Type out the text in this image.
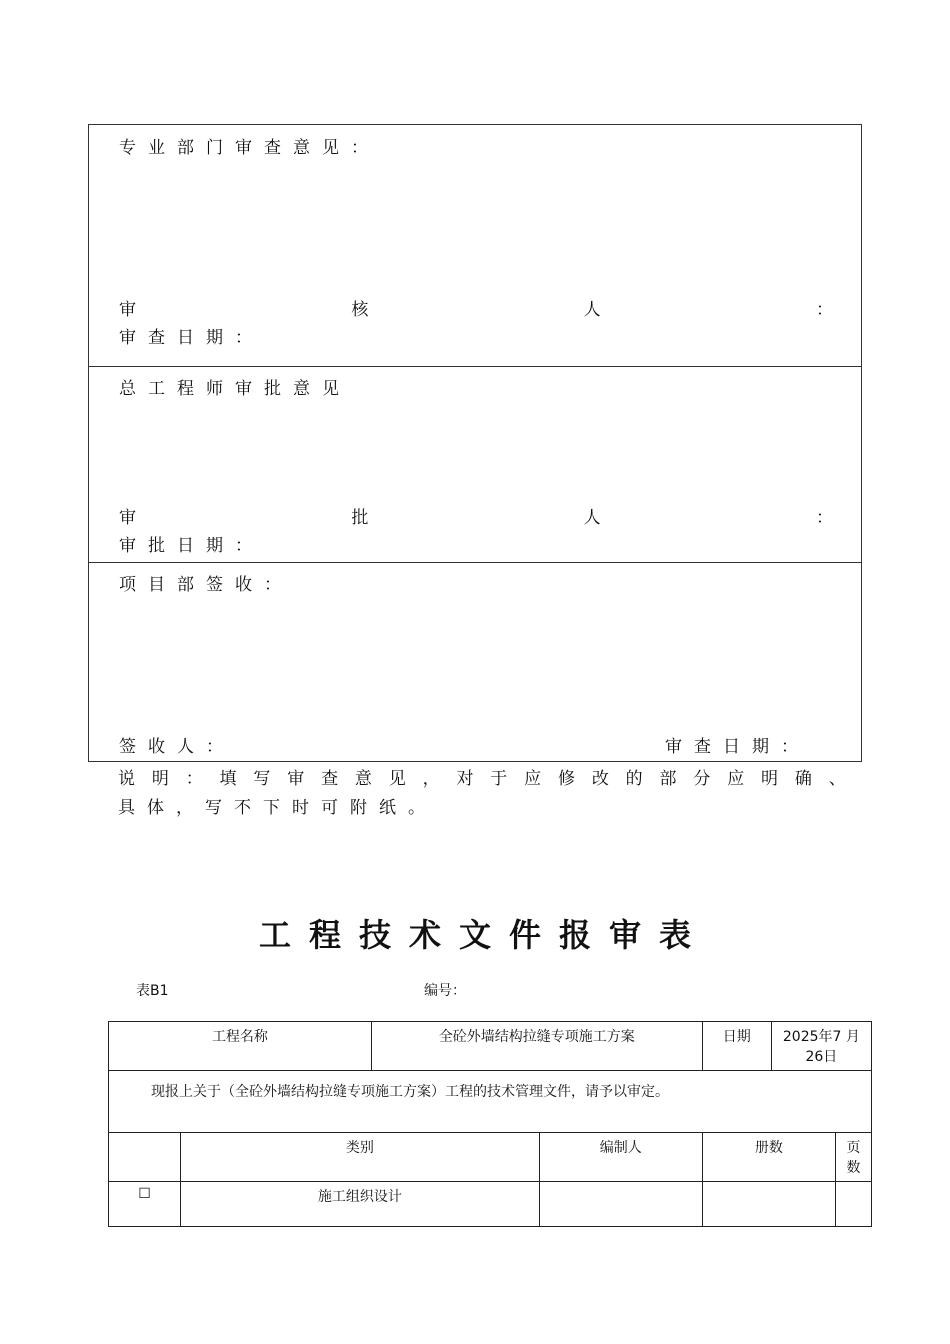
专业部门审查意见：
审	核	人	：
审查日期：
总工程师审批意见
审	批	人	：
审批日期：
项目部签收：
签收人：	审查日期：
说 明 ： 填 写 审 查 意 见 ， 对 于 应 修 改 的 部 分 应 明 确 、
具体，写不下时可附纸。
工程技术文件报审表
表B1	编号：
工程名称		全砼外墙结构拉缝专项施工方案		日期	2025年7 月26日	
现报上关于（全砼外墙结构拉缝专项施工方案）工程的技术管理文件，请予以审定。						
	类别		编制人	册数		页数
☐	施工组织设计					
